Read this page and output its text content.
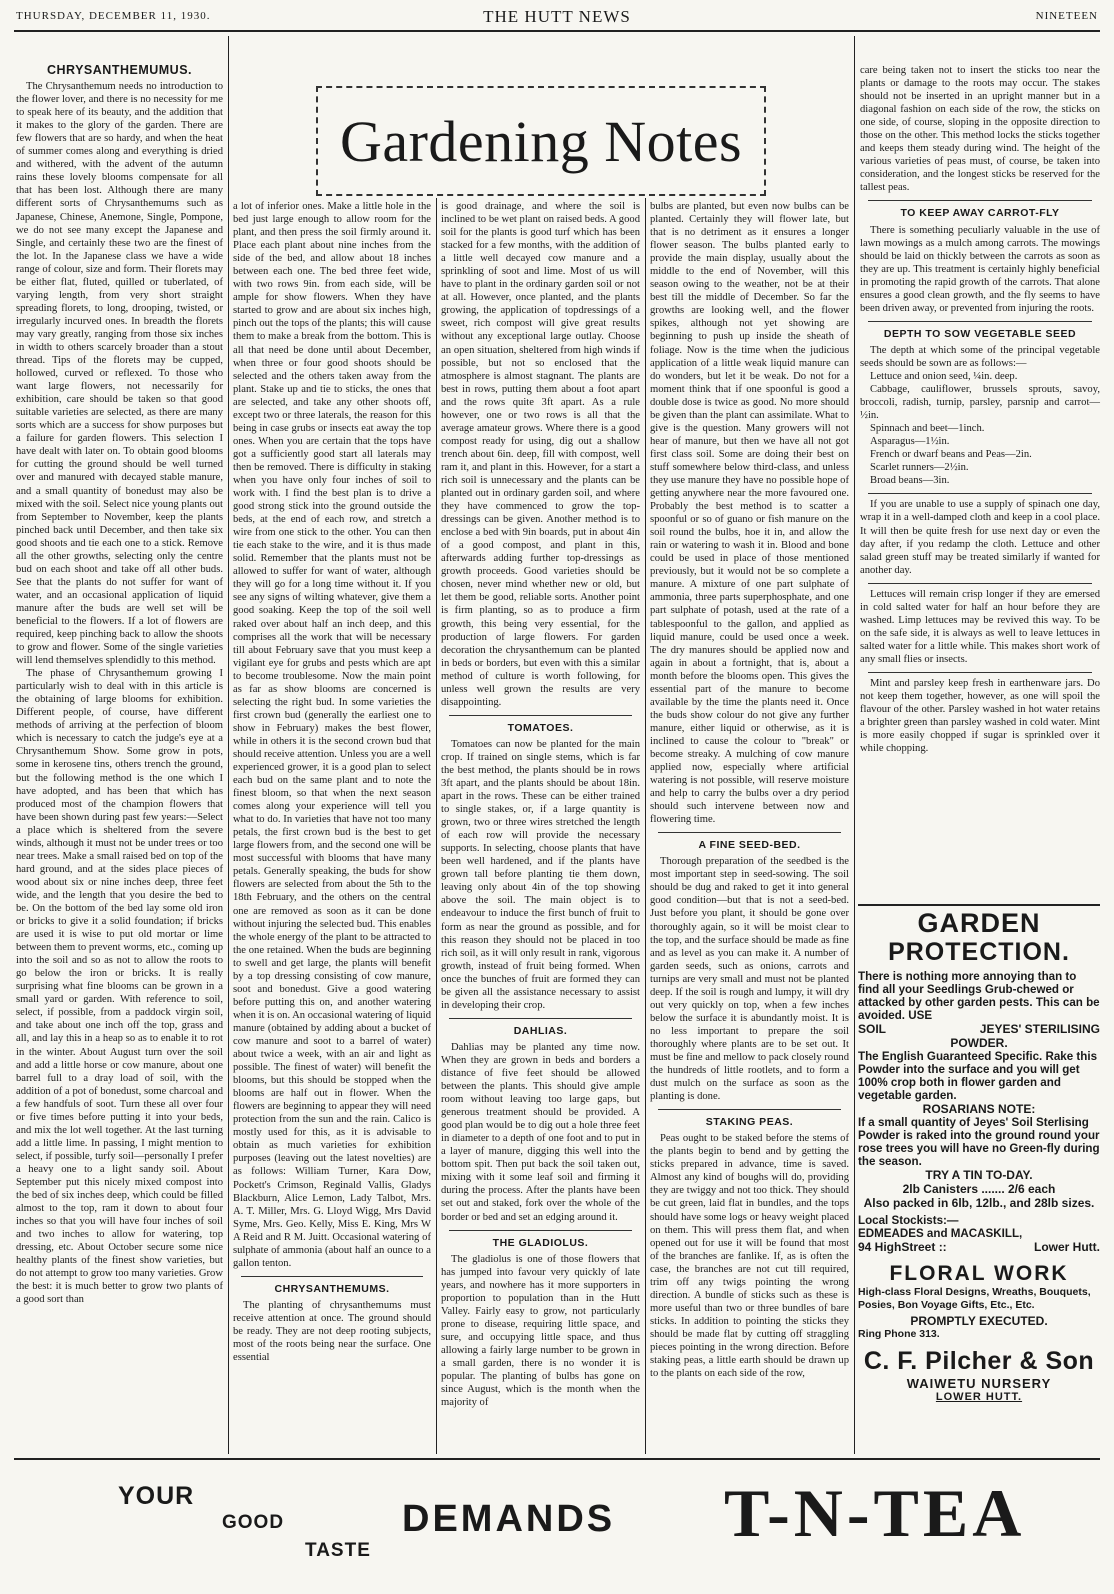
THURSDAY, DECEMBER 11, 1930.	THE HUTT NEWS	NINETEEN
Gardening Notes
CHRYSANTHEMUMUS.

The Chrysanthemum needs no introduction to the flower lover, and there is no necessity for me to speak here of its beauty, and the addition that it makes to the glory of the garden. There are few flowers that are so hardy, and when the heat of summer comes along and everything is dried and withered, with the advent of the autumn rains these lovely blooms compensate for all that has been lost. Although there are many different sorts of Chrysanthemums such as Japanese, Chinese, Anemone, Single, Pompone, we do not see many except the Japanese and Single, and certainly these two are the finest of the lot. In the Japanese class we have a wide range of colour, size and form. Their florets may be either flat, fluted, quilled or tuberlated, of varying length, from very short straight spreading florets, to long, drooping, twisted, or irregularly incurved ones. In breadth the florets may vary greatly, ranging from those six inches in width to others scarcely broader than a stout thread. Tips of the florets may be cupped, hollowed, curved or reflexed. To those who want large flowers, not necessarily for exhibition, care should be taken so that good suitable varieties are selected, as there are many sorts which are a success for show purposes but a failure for garden flowers. This selection I have dealt with later on. To obtain good blooms for cutting the ground should be well turned over and manured with decayed stable manure, and a small quantity of bonedust may also be mixed with the soil. Select nice young plants out from September to November, keep the plants pinched back until December, and then take six good shoots and tie each one to a stick. Remove all the other growths, selecting only the centre bud on each shoot and take off all other buds. See that the plants do not suffer for want of water, and an occasional application of liquid manure after the buds are well set will be beneficial to the flowers. If a lot of flowers are required, keep pinching back to allow the shoots to grow and flower. Some of the single varieties will lend themselves splendidly to this method.

The phase of Chrysanthemum growing I particularly wish to deal with in this article is the obtaining of large blooms for exhibition. Different people, of course, have different methods of arriving at the perfection of bloom which is necessary to catch the judge's eye at a Chrysanthemum Show. Some grow in pots, some in kerosene tins, others trench the ground, but the following method is the one which I have adopted, and has been that which has produced most of the champion flowers that have been shown during past few years:—Select a place which is sheltered from the severe winds, although it must not be under trees or too near trees. Make a small raised bed on top of the hard ground, and at the sides place pieces of wood about six or nine inches deep, three feet wide, and the length that you desire the bed to be. On the bottom of the bed lay some old iron or bricks to give it a solid foundation; if bricks are used it is wise to put old mortar or lime between them to prevent worms, etc., coming up into the soil and so as not to allow the roots to go below the iron or bricks. It is really surprising what fine blooms can be grown in a small yard or garden. With reference to soil, select, if possible, from a paddock virgin soil, and take about one inch off the top, grass and all, and lay this in a heap so as to enable it to rot in the winter. About August turn over the soil and add a little horse or cow manure, about one barrel full to a dray load of soil, with the addition of a pot of bonedust, some charcoal and a few handfuls of soot. Turn these all over four or five times before putting it into your beds, and mix the lot well together. At the last turning add a little lime. In passing, I might mention to select, if possible, turfy soil—personally I prefer a heavy one to a light sandy soil. About September put this nicely mixed compost into the bed of six inches deep, which could be filled almost to the top, ram it down to about four inches so that you will have four inches of soil and two inches to allow for watering, top dressing, etc. About October secure some nice healthy plants of the finest show varieties, but do not attempt to grow too many varieties. Grow the best: it is much better to grow two plants of a good sort than

a lot of inferior ones. Make a little hole in the bed just large enough to allow room for the plant, and then press the soil firmly around it. Place each plant about nine inches from the side of the bed, and allow about 18 inches between each one. The bed three feet wide, with two rows 9in. from each side, will be ample for show flowers. When they have started to grow and are about six inches high, pinch out the tops of the plants; this will cause them to make a break from the bottom. This is all that need be done until about December, when three or four good shoots should be selected and the others taken away from the plant. Stake up and tie to sticks, the ones that are selected, and take any other shoots off, except two or three laterals, the reason for this being in case grubs or insects eat away the top ones. When you are certain that the tops have got a sufficiently good start all laterals may then be removed. There is difficulty in staking when you have only four inches of soil to work with. I find the best plan is to drive a good strong stick into the ground outside the beds, at the end of each row, and stretch a wire from one stick to the other. You can then tie each stake to the wire, and it is thus made solid. Remember that the plants must not be allowed to suffer for want of water, although they will go for a long time without it. If you see any signs of wilting whatever, give them a good soaking. Keep the top of the soil well raked over about half an inch deep, and this comprises all the work that will be necessary till about February save that you must keep a vigilant eye for grubs and pests which are apt to become troublesome. Now the main point as far as show blooms are concerned is selecting the right bud. In some varieties the first crown bud (generally the earliest one to show in February) makes the best flower, while in others it is the second crown bud that should receive attention. Unless you are a well experienced grower, it is a good plan to select each bud on the same plant and to note the finest bloom, so that when the next season comes along your experience will tell you what to do. In varieties that have not too many petals, the first crown bud is the best to get large flowers from, and the second one will be most successful with blooms that have many petals. Generally speaking, the buds for show flowers are selected from about the 5th to the 18th February, and the others on the central one are removed as soon as it can be done without injuring the selected bud. This enables the whole energy of the plant to be attracted to the one retained. When the buds are beginning to swell and get large, the plants will benefit by a top dressing consisting of cow manure, soot and bonedust. Give a good watering before putting this on, and another watering when it is on. An occasional watering of liquid manure (obtained by adding about a bucket of cow manure and soot to a barrel of water) about twice a week, with an air and light as possible. The finest of water) will benefit the blooms, but this should be stopped when the blooms are half out in flower. When the flowers are beginning to appear they will need protection from the sun and the rain. Calico is mostly used for this, as it is advisable to obtain as much varieties for exhibition purposes (leaving out the latest novelties) are as follows: William Turner, Kara Dow, Pockett's Crimson, Reginald Vallis, Gladys Blackburn, Alice Lemon, Lady Talbot, Mrs. A. T. Miller, Mrs. G. Lloyd Wigg, Mrs David Syme, Mrs. Geo. Kelly, Miss E. King, Mrs W A Reid and R M. Juitt. Occasional watering of sulphate of ammonia (about half an ounce to a gallon tenton.

CHRYSANTHEMUMS.

The planting of chrysanthemums must receive attention at once. The ground should be ready. They are not deep rooting subjects, most of the roots being near the surface. One essential

is good drainage, and where the soil is inclined to be wet plant on raised beds. A good soil for the plants is good turf which has been stacked for a few months, with the addition of a little well decayed cow manure and a sprinkling of soot and lime. Most of us will have to plant in the ordinary garden soil or not at all. However, once planted, and the plants growing, the application of topdressings of a sweet, rich compost will give great results without any exceptional large outlay. Choose an open situation, sheltered from high winds if possible, but not so enclosed that the atmosphere is almost stagnant. The plants are best in rows, putting them about a foot apart and the rows quite 3ft apart. As a rule however, one or two rows is all that the average amateur grows. Where there is a good compost ready for using, dig out a shallow trench about 6in. deep, fill with compost, well ram it, and plant in this. However, for a start a rich soil is unnecessary and the plants can be planted out in ordinary garden soil, and where they have commenced to grow the top-dressings can be given. Another method is to enclose a bed with 9in boards, put in about 4in of a good compost, and plant in this, afterwards adding further top-dressings as growth proceeds. Good varieties should be chosen, never mind whether new or old, but let them be good, reliable sorts. Another point is firm planting, so as to produce a firm growth, this being very essential, for the production of large flowers. For garden decoration the chrysanthemum can be planted in beds or borders, but even with this a similar method of culture is worth following, for unless well grown the results are very disappointing.

TOMATOES.

Tomatoes can now be planted for the main crop. If trained on single stems, which is far the best method, the plants should be in rows 3ft apart, and the plants should be about 18in. apart in the rows. These can be either trained to single stakes, or, if a large quantity is grown, two or three wires stretched the length of each row will provide the necessary supports. In selecting, choose plants that have been well hardened, and if the plants have grown tall before planting tie them down, leaving only about 4in of the top showing above the soil. The main object is to endeavour to induce the first bunch of fruit to form as near the ground as possible, and for this reason they should not be placed in too rich soil, as it will only result in rank, vigorous growth, instead of fruit being formed. When once the bunches of fruit are formed they can be given all the assistance necessary to assist in developing their crop.

DAHLIAS.

Dahlias may be planted any time now. When they are grown in beds and borders a distance of five feet should be allowed between the plants. This should give ample room without leaving too large gaps, but generous treatment should be provided. A good plan would be to dig out a hole three feet in diameter to a depth of one foot and to put in a layer of manure, digging this well into the bottom spit. Then put back the soil taken out, mixing with it some leaf soil and firming it during the process. After the plants have been set out and staked, fork over the whole of the border or bed and set an edging around it.

THE GLADIOLUS.

The gladiolus is one of those flowers that has jumped into favour very quickly of late years, and nowhere has it more supporters in proportion to population than in the Hutt Valley. Fairly easy to grow, not particularly prone to disease, requiring little space, and sure, and occupying little space, and thus allowing a fairly large number to be grown in a small garden, there is no wonder it is popular. The planting of bulbs has gone on since August, which is the month when the majority of

bulbs are planted, but even now bulbs can be planted. Certainly they will flower late, but that is no detriment as it ensures a longer flower season. The bulbs planted early to provide the main display, usually about the middle to the end of November, will this season owing to the weather, not be at their best till the middle of December. So far the growths are looking well, and the flower spikes, although not yet showing are beginning to push up inside the sheath of foliage. Now is the time when the judicious application of a little weak liquid manure can do wonders, but let it be weak. Do not for a moment think that if one spoonful is good a double dose is twice as good. No more should be given than the plant can assimilate. What to give is the question. Many growers will not hear of manure, but then we have all not got first class soil. Some are doing their best on stuff somewhere below third-class, and unless they use manure they have no possible hope of getting anywhere near the more favoured one. Probably the best method is to scatter a spoonful or so of guano or fish manure on the soil round the bulbs, hoe it in, and allow the rain or watering to wash it in. Blood and bone could be used in place of those mentioned previously, but it would not be so complete a manure. A mixture of one part sulphate of ammonia, three parts superphosphate, and one part sulphate of potash, used at the rate of a tablespoonful to the gallon, and applied as liquid manure, could be used once a week. The dry manures should be applied now and again in about a fortnight, that is, about a month before the blooms open. This gives the essential part of the manure to become available by the time the plants need it. Once the buds show colour do not give any further manure, either liquid or otherwise, as it is inclined to cause the colour to "break" or become streaky. A mulching of cow manure applied now, especially where artificial watering is not possible, will reserve moisture and help to carry the bulbs over a dry period should such intervene between now and flowering time.

A FINE SEED-BED.

Thorough preparation of the seedbed is the most important step in seed-sowing. The soil should be dug and raked to get it into general good condition—but that is not a seed-bed. Just before you plant, it should be gone over thoroughly again, so it will be moist clear to the top, and the surface should be made as fine and as level as you can make it. A number of garden seeds, such as onions, carrots and turnips are very small and must not be planted deep. If the soil is rough and lumpy, it will dry out very quickly on top, when a few inches below the surface it is abundantly moist. It is no less important to prepare the soil thoroughly where plants are to be set out. It must be fine and mellow to pack closely round the hundreds of little rootlets, and to form a dust mulch on the surface as soon as the planting is done.

STAKING PEAS.

Peas ought to be staked before the stems of the plants begin to bend and by getting the sticks prepared in advance, time is saved. Almost any kind of boughs will do, providing they are twiggy and not too thick. They should be cut green, laid flat in bundles, and the tops should have some logs or heavy weight placed on them. This will press them flat, and when opened out for use it will be found that most of the branches are fanlike. If, as is often the case, the branches are not cut till required, trim off any twigs pointing the wrong direction. A bundle of sticks such as these is more useful than two or three bundles of bare sticks. In addition to pointing the sticks they should be made flat by cutting off straggling pieces pointing in the wrong direction. Before staking peas, a little earth should be drawn up to the plants on each side of the row,

care being taken not to insert the sticks too near the plants or damage to the roots may occur. The stakes should not be inserted in an upright manner but in a diagonal fashion on each side of the row, the sticks on one side, of course, sloping in the opposite direction to those on the other. This method locks the sticks together and keeps them steady during wind. The height of the various varieties of peas must, of course, be taken into consideration, and the longest sticks be reserved for the tallest peas.

TO KEEP AWAY CARROT-FLY

There is something peculiarly valuable in the use of lawn mowings as a mulch among carrots. The mowings should be laid on thickly between the carrots as soon as they are up. This treatment is certainly highly beneficial in promoting the rapid growth of the carrots. That alone ensures a good clean growth, and the fly seems to have been driven away, or prevented from injuring the roots.

DEPTH TO SOW VEGETABLE SEED

The depth at which some of the principal vegetable seeds should be sown are as follows:—

Lettuce and onion seed, ¼in. deep.

Cabbage, cauliflower, brussels sprouts, savoy, broccoli, radish, turnip, parsley, parsnip and carrot—½in.

Spinnach and beet—1inch.

Asparagus—1½in.

French or dwarf beans and Peas—2in.

Scarlet runners—2½in.

Broad beans—3in.

If you are unable to use a supply of spinach one day, wrap it in a well-damped cloth and keep in a cool place. It will then be quite fresh for use next day or even the day after, if you redamp the cloth. Lettuce and other salad green stuff may be treated similarly if wanted for another day.

Lettuces will remain crisp longer if they are emersed in cold salted water for half an hour before they are washed. Limp lettuces may be revived this way. To be on the safe side, it is always as well to leave lettuces in salted water for a little while. This makes short work of any small flies or insects.

Mint and parsley keep fresh in earthenware jars. Do not keep them together, however, as one will spoil the flavour of the other. Parsley washed in hot water retains a brighter green than parsley washed in cold water. Mint is more easily chopped if sugar is sprinkled over it while chopping.

GARDEN
PROTECTION.
There is nothing more annoying than to find all your Seedlings Grub-chewed or attacked by other garden pests. This can be avoided. USE
SOIL	JEYES' STERILISING
POWDER.
The English Guaranteed Specific. Rake this Powder into the surface and you will get 100% crop both in flower garden and vegetable garden.
ROSARIANS NOTE:
If a small quantity of Jeyes' Soil Sterlising Powder is raked into the ground round your rose trees you will have no Green-fly during the season.
TRY A TIN TO-DAY.
2lb Canisters ....... 2/6 each
Also packed in 6lb, 12lb., and 28lb sizes.
Local Stockists:—
EDMEADES and MACASKILL,
94 HighStreet ::	Lower Hutt.
FLORAL WORK
High-class Floral Designs, Wreaths, Bouquets, Posies, Bon Voyage Gifts, Etc., Etc.
PROMPTLY EXECUTED.
Ring Phone 313.
C. F. Pilcher & Son
WAIWETU NURSERY
LOWER HUTT.
YOUR
GOOD
TASTE
DEMANDS T-N-TEA
